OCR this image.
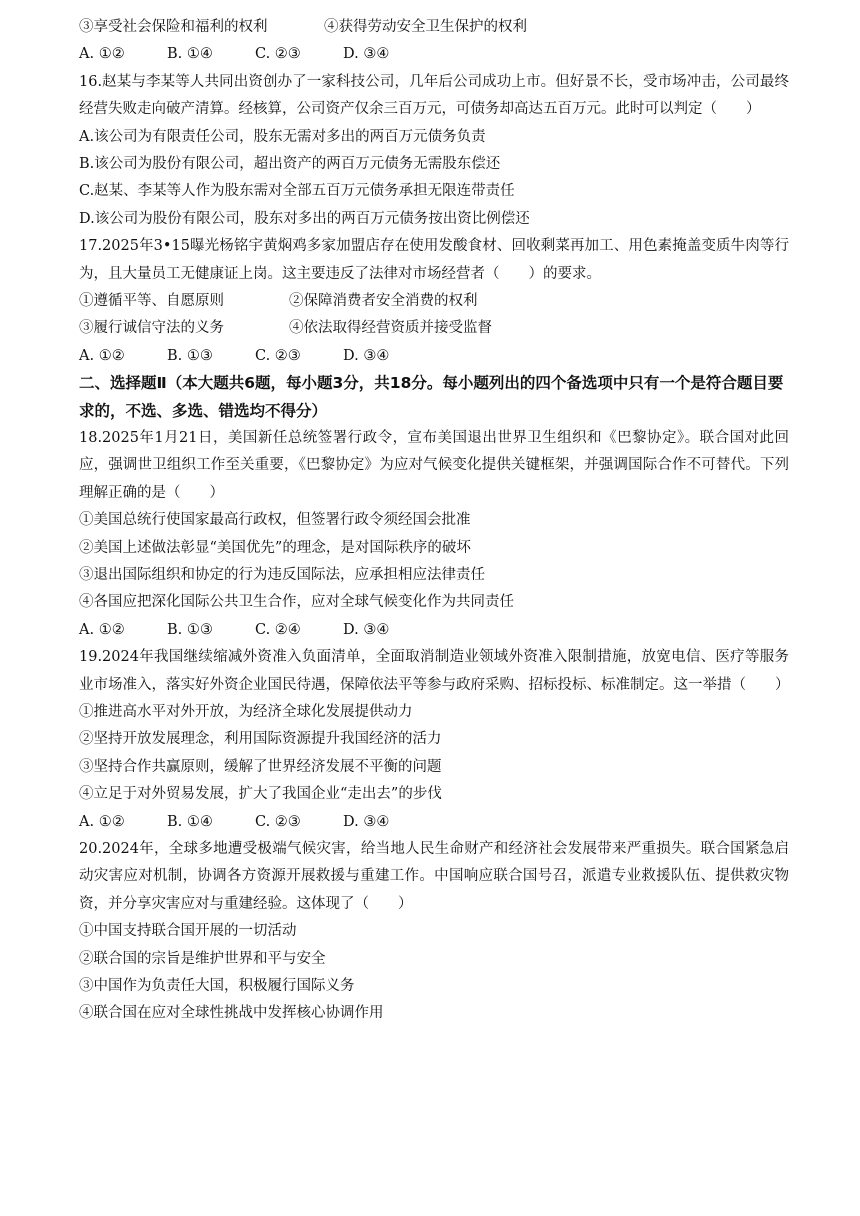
③享受社会保险和福利的权利	④获得劳动安全卫生保护的权利
A. ①②	B. ①④	C. ②③	D. ③④
16.赵某与李某等人共同出资创办了一家科技公司，几年后公司成功上市。但好景不长，受市场冲击，公司最终经营失败走向破产清算。经核算，公司资产仅余三百万元，可债务却高达五百万元。此时可以判定（　　）
A.该公司为有限责任公司，股东无需对多出的两百万元债务负责
B.该公司为股份有限公司，超出资产的两百万元债务无需股东偿还
C.赵某、李某等人作为股东需对全部五百万元债务承担无限连带责任
D.该公司为股份有限公司，股东对多出的两百万元债务按出资比例偿还
17.2025年3•15曝光杨铭宇黄焖鸡多家加盟店存在使用发酸食材、回收剩菜再加工、用色素掩盖变质牛肉等行为，且大量员工无健康证上岗。这主要违反了法律对市场经营者（　　）的要求。
①遵循平等、自愿原则	②保障消费者安全消费的权利
③履行诚信守法的义务	④依法取得经营资质并接受监督
A. ①②	B. ①③	C. ②③	D. ③④
二、选择题Ⅱ（本大题共6题，每小题3分，共18分。每小题列出的四个备选项中只有一个是符合题目要求的，不选、多选、错选均不得分）
18.2025年1月21日，美国新任总统签署行政令，宣布美国退出世界卫生组织和《巴黎协定》。联合国对此回应，强调世卫组织工作至关重要，《巴黎协定》为应对气候变化提供关键框架，并强调国际合作不可替代。下列理解正确的是（　　）
①美国总统行使国家最高行政权，但签署行政令须经国会批准
②美国上述做法彰显“美国优先”的理念，是对国际秩序的破坏
③退出国际组织和协定的行为违反国际法，应承担相应法律责任
④各国应把深化国际公共卫生合作，应对全球气候变化作为共同责任
A. ①②	B. ①③	C. ②④	D. ③④
19.2024年我国继续缩减外资准入负面清单，全面取消制造业领域外资准入限制措施，放宽电信、医疗等服务业市场准入，落实好外资企业国民待遇，保障依法平等参与政府采购、招标投标、标准制定。这一举措（　　）
①推进高水平对外开放，为经济全球化发展提供动力
②坚持开放发展理念，利用国际资源提升我国经济的活力
③坚持合作共赢原则，缓解了世界经济发展不平衡的问题
④立足于对外贸易发展，扩大了我国企业“走出去”的步伐
A. ①②	B. ①④	C. ②③	D. ③④
20.2024年，全球多地遭受极端气候灾害，给当地人民生命财产和经济社会发展带来严重损失。联合国紧急启动灾害应对机制，协调各方资源开展救援与重建工作。中国响应联合国号召，派遣专业救援队伍、提供救灾物资，并分享灾害应对与重建经验。这体现了（　　）
①中国支持联合国开展的一切活动
②联合国的宗旨是维护世界和平与安全
③中国作为负责任大国，积极履行国际义务
④联合国在应对全球性挑战中发挥核心协调作用
